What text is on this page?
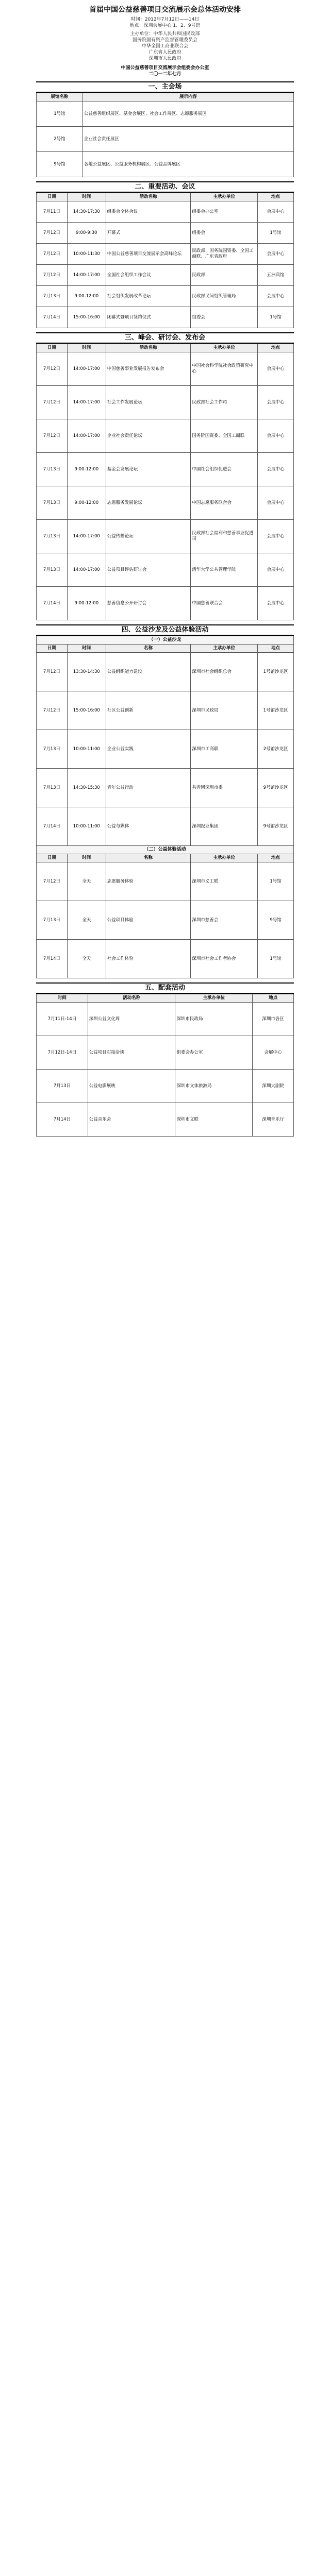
首届中国公益慈善项目交流展示会总体活动安排

时间：2012年7月12日——14日

地点：深圳会展中心 1、2、9号馆

主办单位：中华人民共和国民政部

国务院国有资产监督管理委员会

中华全国工商业联合会

广东省人民政府

深圳市人民政府

中国公益慈善项目交流展示会组委会办公室
二〇一二年七月
一、主会场
展馆名称	展示内容
1号馆	公益慈善组织展区、基金会展区、社会工作展区、志愿服务展区
2号馆	企业社会责任展区
9号馆	各地公益展区、公益服务机构展区、公益品牌展区
二、重要活动、会议
日期	时间	活动名称	主承办单位	地点
7月11日	14:30-17:30	组委会全体会议	组委会办公室	会展中心
7月12日	9:00-9:30	开幕式	组委会	1号馆
7月12日	10:00-11:30	中国公益慈善项目交流展示会高峰论坛	民政部、国务院国资委、全国工商联、广东省政府	会展中心
7月12日	14:00-17:00	全国社会组织工作会议	民政部	五洲宾馆
7月13日	9:00-12:00	社会组织发展改革论坛	民政部民间组织管理局	会展中心
7月14日	15:00-16:00	闭幕式暨项目签约仪式	组委会	1号馆
三、峰会、研讨会、发布会
日期	时间	活动名称	主承办单位	地点
7月12日	14:00-17:00	中国慈善事业发展报告发布会	中国社会科学院社会政策研究中心	会展中心
7月12日	14:00-17:00	社会工作发展论坛	民政部社会工作司	会展中心
7月12日	14:00-17:00	企业社会责任论坛	国务院国资委、全国工商联	会展中心
7月13日	9:00-12:00	基金会发展论坛	中国社会组织促进会	会展中心
7月13日	9:00-12:00	志愿服务发展论坛	中国志愿服务联合会	会展中心
7月13日	14:00-17:00	公益传播论坛	民政部社会福利和慈善事业促进司	会展中心
7月13日	14:00-17:00	公益项目评估研讨会	清华大学公共管理学院	会展中心
7月14日	9:00-12:00	慈善信息公开研讨会	中国慈善联合会	会展中心
四、公益沙龙及公益体验活动
（一）公益沙龙				
日期	时间	名称	主承办单位	地点
7月12日	13:30-14:30	公益组织能力建设	深圳市社会组织总会	1号馆沙龙区
7月12日	15:00-16:00	社区公益创新	深圳市民政局	1号馆沙龙区
7月13日	10:00-11:00	企业公益实践	深圳市工商联	2号馆沙龙区
7月13日	14:30-15:30	青年公益行动	共青团深圳市委	9号馆沙龙区
7月14日	10:00-11:00	公益与媒体	深圳报业集团	9号馆沙龙区
（二）公益体验活动				
日期	时间	名称	主承办单位	地点
7月12日	全天	志愿服务体验	深圳市义工联	1号馆
7月13日	全天	公益项目体验	深圳市慈善会	9号馆
7月14日	全天	社会工作体验	深圳市社会工作者协会	1号馆
五、配套活动
时间	活动名称	主承办单位	地点
7月11日-14日	深圳公益文化周	深圳市民政局	深圳市各区
7月12日-14日	公益项目对接洽谈	组委会办公室	会展中心
7月13日	公益电影展映	深圳市文体旅游局	深圳大剧院
7月14日	公益音乐会	深圳市文联	深圳音乐厅
